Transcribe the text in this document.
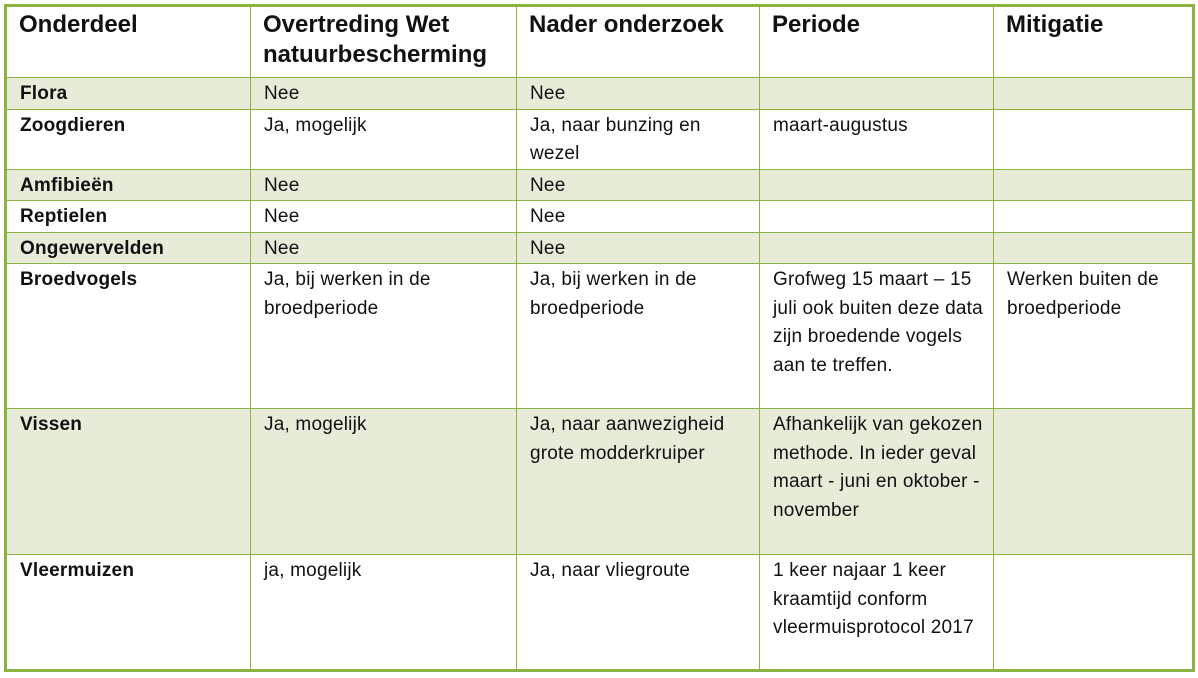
Onderdeel	Overtreding Wet natuurbescherming	Nader onderzoek	Periode	Mitigatie
Flora	Nee	Nee		
Zoogdieren	Ja, mogelijk	Ja, naar bunzing en wezel	maart-augustus	
Amfibieën	Nee	Nee		
Reptielen	Nee	Nee		
Ongewervelden	Nee	Nee		
Broedvogels	Ja, bij werken in de broedperiode	Ja, bij werken in de broedperiode	Grofweg 15 maart – 15 juli ook buiten deze data zijn broedende vogels aan te treffen.	Werken buiten de broedperiode
Vissen	Ja, mogelijk	Ja, naar aanwezigheid grote modderkruiper	Afhankelijk van gekozen methode. In ieder geval maart - juni en oktober - november	
Vleermuizen	ja, mogelijk	Ja, naar vliegroute	1 keer najaar 1 keer kraamtijd conform vleermuisprotocol 2017	
